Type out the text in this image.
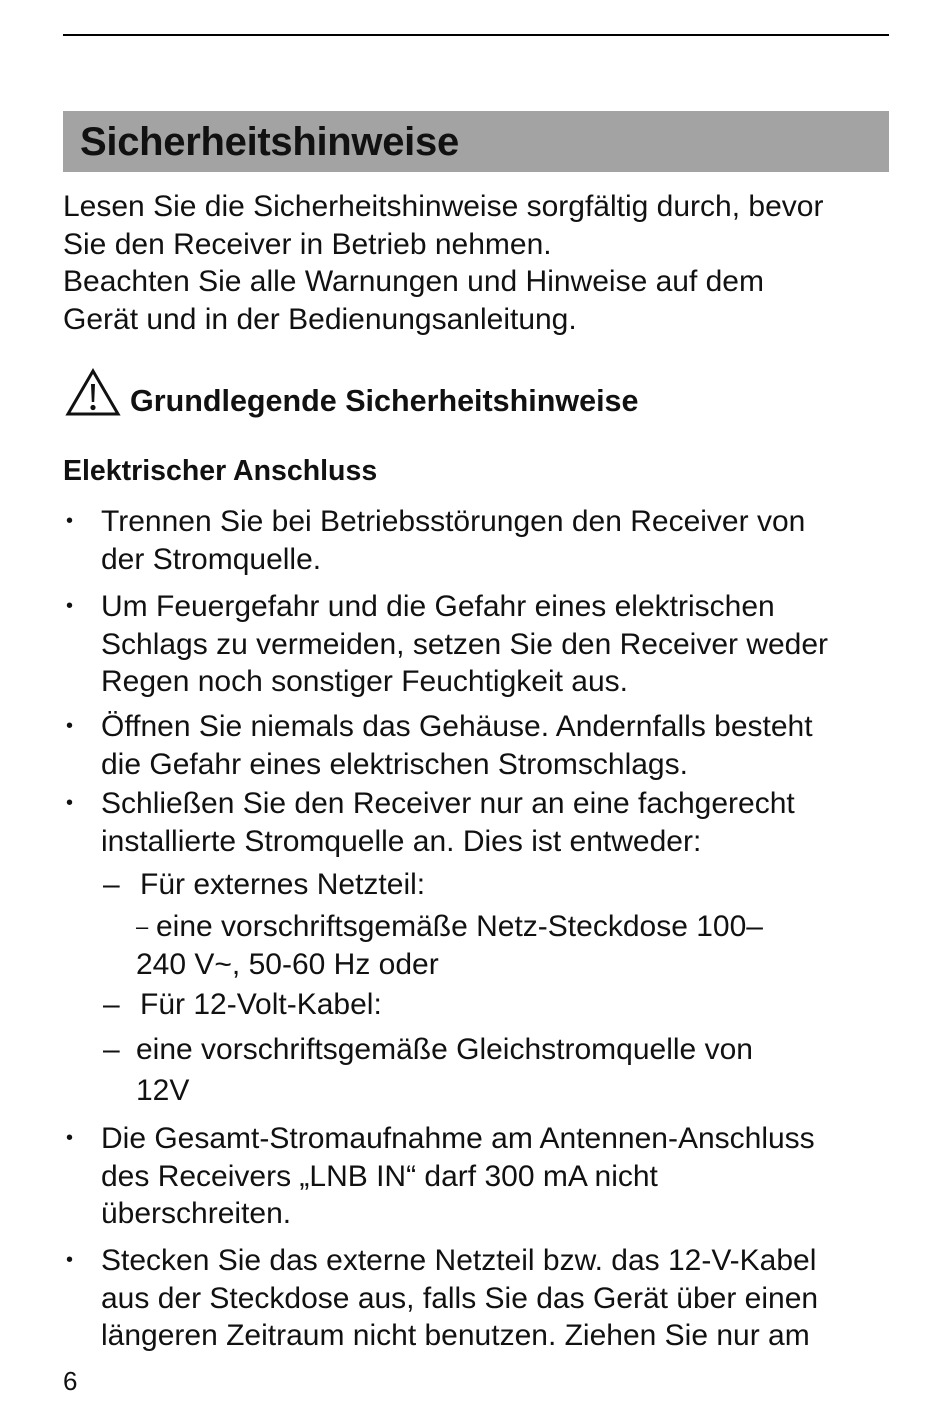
Sicherheitshinweise
Lesen Sie die Sicherheitshinweise sorgfältig durch, bevor
Sie den Receiver in Betrieb nehmen.
Beachten Sie alle Warnungen und Hinweise auf dem
Gerät und in der Bedienungsanleitung.
Grundlegende Sicherheitshinweise
Elektrischer Anschluss
• Trennen Sie bei Betriebsstörungen den Receiver von
der Stromquelle.
• Um Feuergefahr und die Gefahr eines elektrischen
Schlags zu vermeiden, setzen Sie den Receiver weder
Regen noch sonstiger Feuchtigkeit aus.
• Öffnen Sie niemals das Gehäuse. Andernfalls besteht
die Gefahr eines elektrischen Stromschlags.
• Schließen Sie den Receiver nur an eine fachgerecht
installierte Stromquelle an. Dies ist entweder:
– Für externes Netzteil:
– eine vorschriftsgemäße Netz-Steckdose 100–
240 V~, 50-60 Hz oder
– Für 12-Volt-Kabel:
– eine vorschriftsgemäße Gleichstromquelle von
12V
• Die Gesamt-Stromaufnahme am Antennen-Anschluss
des Receivers „LNB IN“ darf 300 mA nicht
überschreiten.
• Stecken Sie das externe Netzteil bzw. das 12-V-Kabel
aus der Steckdose aus, falls Sie das Gerät über einen
längeren Zeitraum nicht benutzen. Ziehen Sie nur am
6
